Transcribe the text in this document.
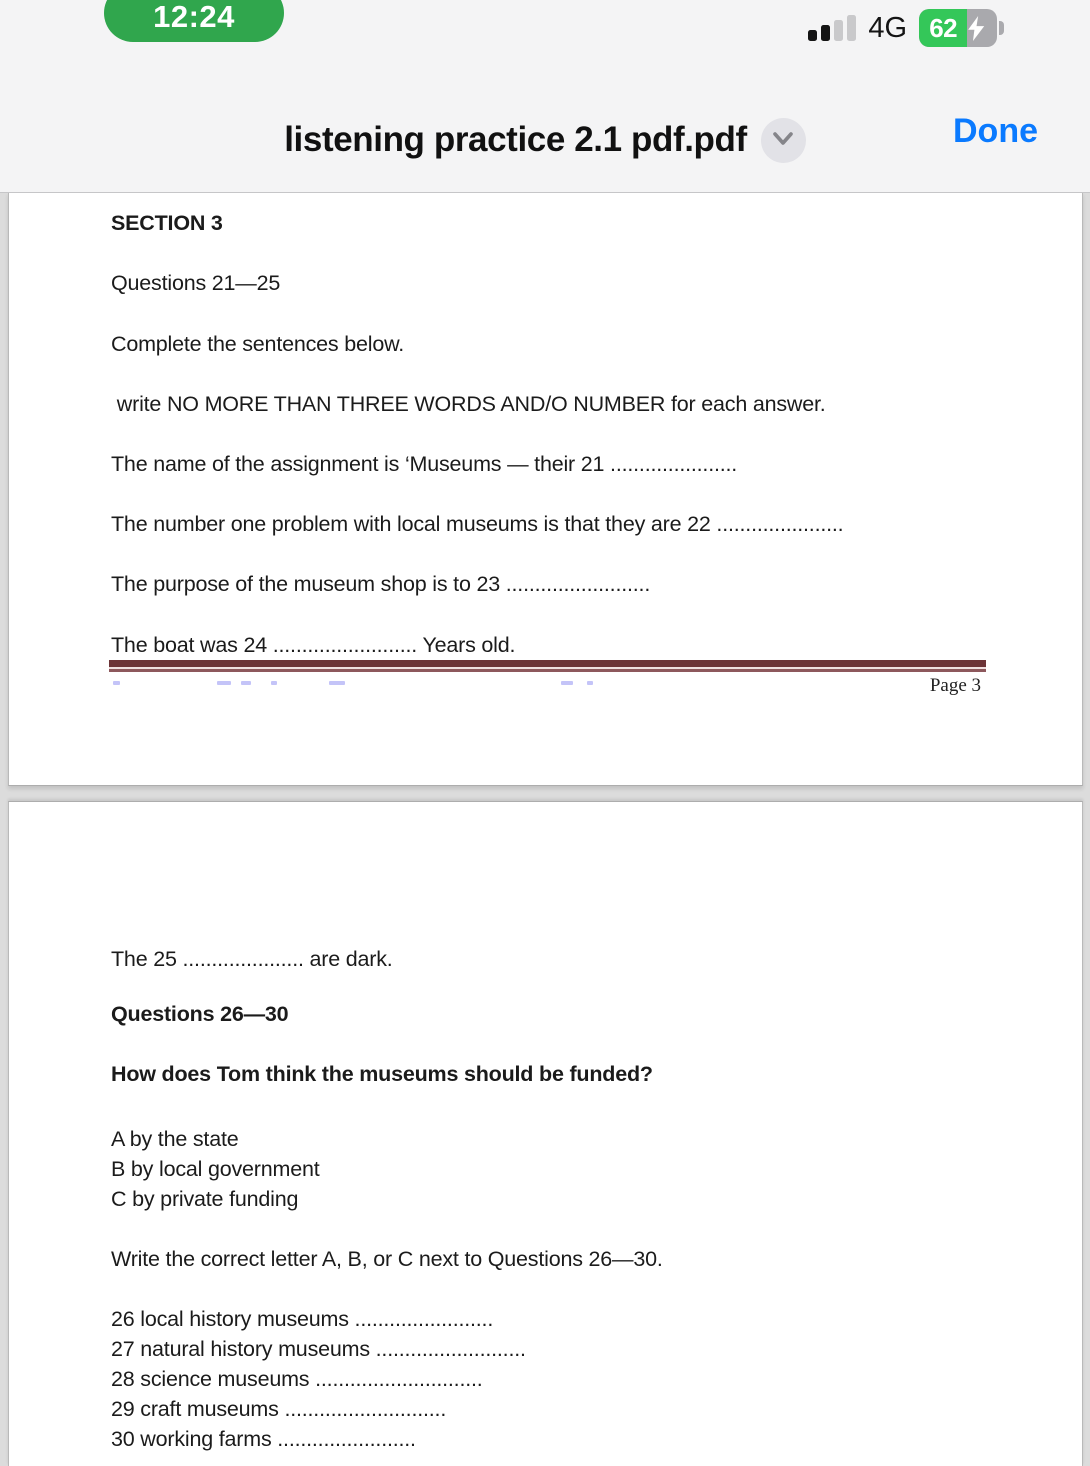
12:24	4G 62
listening practice 2.1 pdf.pdf	Done
SECTION 3
Questions 21—25
Complete the sentences below.
write NO MORE THAN THREE WORDS AND/O NUMBER for each answer.
The name of the assignment is ‘Museums — their 21 ......................
The number one problem with local museums is that they are 22 ......................
The purpose of the museum shop is to 23 .........................
The boat was 24 ......................... Years old.
Page 3
The 25 ..................... are dark.
Questions 26—30
How does Tom think the museums should be funded?
A by the state
B by local government
C by private funding
Write the correct letter A, B, or C next to Questions 26—30.
26 local history museums ........................
27 natural history museums ..........................
28 science museums .............................
29 craft museums ............................
30 working farms ........................
